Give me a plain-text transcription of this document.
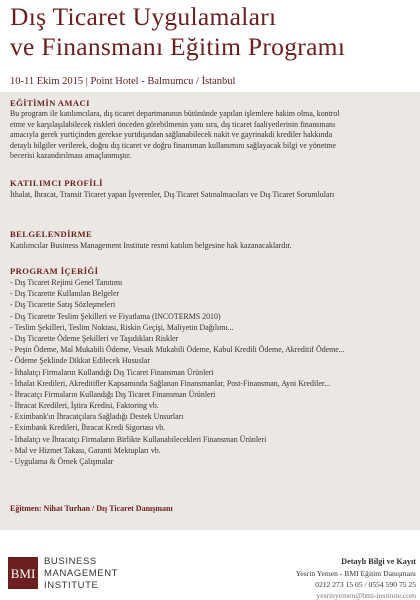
Dış Ticaret Uygulamaları
ve Finansmanı Eğitim Programı
10-11 Ekim 2015 | Point Hotel - Balmumcu / İstanbul
EĞİTİMİN AMACI
Bu program ile katılımcılara, dış ticaret departmanının bütününde yapılan işlemlere hakim olma, kontrol
etme ve karşılaşılabilecek riskleri önceden görebilmenin yanı sıra, dış ticaret faaliyetlerinin finansmanı
amacıyla gerek yurtiçinden gerekse yurtdışından sağlanabilecek nakit ve gayrinakdi krediler hakkında
detaylı bilgiler verilerek, doğru dış ticaret ve doğru finansman kullanımını sağlayacak bilgi ve yönetme
becerisi kazandırılması amaçlanmıştır.
KATILIMCI PROFİLİ
İthalat, İhracat, Transit Ticaret yapan İşverenler, Dış Ticaret Satınalmacıları ve Dış Ticaret Sorumluları
BELGELENDİRME
Katılımcılar Business Management Institute resmi katılım belgesine hak kazanacaklardır.
PROGRAM İÇERİĞİ
- Dış Ticaret Rejimi Genel Tanıtımı
- Dış Ticarette Kullanılan Belgeler
- Dış Ticarette Satış Sözleşmeleri
- Dış Ticarette Teslim Şekilleri ve Fiyatlama (INCOTERMS 2010)
- Teslim Şekilleri, Teslim Noktası, Riskin Geçişi, Maliyetin Dağılımı...
- Dış Ticarette Ödeme Şekilleri ve Taşıdıkları Riskler
- Peşin Ödeme, Mal Mukabili Ödeme, Vesaik Mukabili Ödeme, Kabul Kredili Ödeme, Akreditif Ödeme...
- Ödeme Şeklinde Dikkat Edilecek Hususlar
- İthalatçı Firmaların Kullandığı Dış Ticaret Finansman Ürünleri
- İthalat Kredileri, Akreditifler Kapsamında Sağlanan Finansmanlar, Post-Finansman, Ayni Krediler...
- İhracatçı Firmaların Kullandığı Dış Ticaret Finansman Ürünleri
- İhracat Kredileri, İştira Kredisi, Faktoring vb.
- Eximbank'ın İhracatçılara Sağladığı Destek Unsurları
- Eximbank Kredileri, İhracat Kredi Sigortası vb.
- İthalatçı ve İhracatçı Firmaların Birlikte Kullanabilecekleri Finansman Ürünleri
- Mal ve Hizmet Takası, Garanti Mektupları vb.
- Uygulama & Örnek Çalışmalar
Eğitmen: Nihat Turhan / Dış Ticaret Danışmanı
BMI
BUSINESS
MANAGEMENT
INSTITUTE
Detaylı Bilgi ve Kayıt
Yesrin Yemen - BMI Eğitim Danışmanı
0212 273 15 05 / 0554 590 75 25
yesrinyemen@bmi-institute.com
